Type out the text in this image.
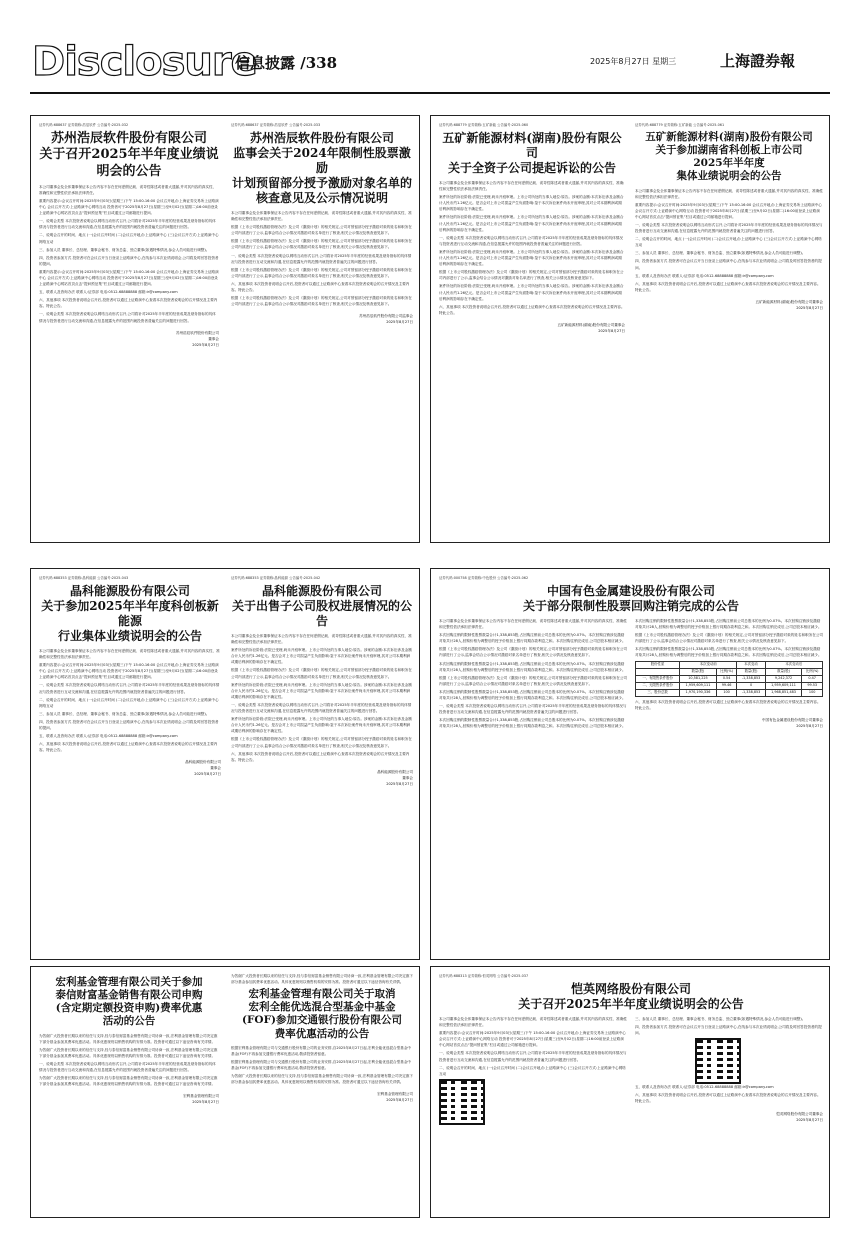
Disclosure
信息披露 /338	2025年8月27日 星期三	上海證券報
证券代码:688637 证券简称:浩辰软件 公告编号:2025-032
苏州浩辰软件股份有限公司
关于召开2025年半年度业绩说明会的公告

本公司董事会及全体董事保证本公告内容不存在任何虚假记载、误导性陈述或者重大遗漏,并对其内容的真实性、准确性和完整性依法承担法律责任。

重要内容提示:会议召开时间:2025年9月03日(星期三)下午 15:00-16:00 会议召开地点:上海证券交易所上证路演中心 会议召开方式:上证路演中心网络互动 投资者可于2025年8月27日(星期三)至9月02日(星期二)16:00前登录上证路演中心网站首页点击“提问预征集”栏目或通过公司邮箱进行提问。

一、说明会类型 本次投资者说明会以网络互动形式召开,公司将针对2025年半年度的经营成果及财务指标的具体情况与投资者进行互动交流和沟通,在信息披露允许的范围内就投资者普遍关注的问题进行回答。

二、说明会召开的时间、地点 (一)会议召开时间 (二)会议召开地点:上证路演中心 (三)会议召开方式:上证路演中心网络互动

三、参加人员 董事长、总经理、董事会秘书、财务总监、独立董事(如遇特殊情况,参会人员可能进行调整)。

四、投资者参加方式 投资者可在会议召开当日登录上证路演中心,在线参与本次业绩说明会,公司将及时回答投资者的提问。

重要内容提示:会议召开时间:2025年9月03日(星期三)下午 15:00-16:00 会议召开地点:上海证券交易所上证路演中心 会议召开方式:上证路演中心网络互动 投资者可于2025年8月27日(星期三)至9月02日(星期二)16:00前登录上证路演中心网站首页点击“提问预征集”栏目或通过公司邮箱进行提问。

五、联系人及咨询办法 联系人:证券部 电话:0512-68888888 邮箱:ir@company.com

六、其他事项 本次投资者说明会召开后,投资者可以通过上证路演中心查看本次投资者说明会的召开情况及主要内容。特此公告。

一、说明会类型 本次投资者说明会以网络互动形式召开,公司将针对2025年半年度的经营成果及财务指标的具体情况与投资者进行互动交流和沟通,在信息披露允许的范围内就投资者普遍关注的问题进行回答。

苏州浩辰软件股份有限公司
董事会
2025年8月27日
证券代码:688637 证券简称:浩辰软件 公告编号:2025-033
苏州浩辰软件股份有限公司
监事会关于2024年限制性股票激励
计划预留部分授予激励对象名单的
核查意见及公示情况说明

本公司董事会及全体董事保证本公告内容不存在任何虚假记载、误导性陈述或者重大遗漏,并对其内容的真实性、准确性和完整性依法承担法律责任。

根据《上市公司股权激励管理办法》及公司《激励计划》的相关规定,公司对预留部分授予激励对象的姓名和职务在公司内部进行了公示,监事会结合公示情况对激励对象名单进行了核查,相关公示情况及核查意见如下。

根据《上市公司股权激励管理办法》及公司《激励计划》的相关规定,公司对预留部分授予激励对象的姓名和职务在公司内部进行了公示,监事会结合公示情况对激励对象名单进行了核查,相关公示情况及核查意见如下。

一、说明会类型 本次投资者说明会以网络互动形式召开,公司将针对2025年半年度的经营成果及财务指标的具体情况与投资者进行互动交流和沟通,在信息披露允许的范围内就投资者普遍关注的问题进行回答。

根据《上市公司股权激励管理办法》及公司《激励计划》的相关规定,公司对预留部分授予激励对象的姓名和职务在公司内部进行了公示,监事会结合公示情况对激励对象名单进行了核查,相关公示情况及核查意见如下。

六、其他事项 本次投资者说明会召开后,投资者可以通过上证路演中心查看本次投资者说明会的召开情况及主要内容。特此公告。

根据《上市公司股权激励管理办法》及公司《激励计划》的相关规定,公司对预留部分授予激励对象的姓名和职务在公司内部进行了公示,监事会结合公示情况对激励对象名单进行了核查,相关公示情况及核查意见如下。

苏州浩辰软件股份有限公司监事会
2025年8月27日
证券代码:688779 证券简称:五矿新能 公告编号:2025-060
五矿新能源材料(湖南)股份有限公司
关于全资子公司提起诉讼的公告

本公司董事会及全体董事保证本公告内容不存在任何虚假记载、误导性陈述或者重大遗漏,并对其内容的真实性、准确性和完整性依法承担法律责任。

案件所处的诉讼阶段:法院已受理,尚未开庭审理。上市公司所处的当事人地位:原告。涉案的金额:本次诉讼涉及金额合计人民币约1.26亿元。是否会对上市公司损益产生负面影响:鉴于本次诉讼案件尚未开庭审理,其对公司本期利润或期后利润的影响存在不确定性。

案件所处的诉讼阶段:法院已受理,尚未开庭审理。上市公司所处的当事人地位:原告。涉案的金额:本次诉讼涉及金额合计人民币约1.26亿元。是否会对上市公司损益产生负面影响:鉴于本次诉讼案件尚未开庭审理,其对公司本期利润或期后利润的影响存在不确定性。

一、说明会类型 本次投资者说明会以网络互动形式召开,公司将针对2025年半年度的经营成果及财务指标的具体情况与投资者进行互动交流和沟通,在信息披露允许的范围内就投资者普遍关注的问题进行回答。

案件所处的诉讼阶段:法院已受理,尚未开庭审理。上市公司所处的当事人地位:原告。涉案的金额:本次诉讼涉及金额合计人民币约1.26亿元。是否会对上市公司损益产生负面影响:鉴于本次诉讼案件尚未开庭审理,其对公司本期利润或期后利润的影响存在不确定性。

根据《上市公司股权激励管理办法》及公司《激励计划》的相关规定,公司对预留部分授予激励对象的姓名和职务在公司内部进行了公示,监事会结合公示情况对激励对象名单进行了核查,相关公示情况及核查意见如下。

案件所处的诉讼阶段:法院已受理,尚未开庭审理。上市公司所处的当事人地位:原告。涉案的金额:本次诉讼涉及金额合计人民币约1.26亿元。是否会对上市公司损益产生负面影响:鉴于本次诉讼案件尚未开庭审理,其对公司本期利润或期后利润的影响存在不确定性。

六、其他事项 本次投资者说明会召开后,投资者可以通过上证路演中心查看本次投资者说明会的召开情况及主要内容。特此公告。

五矿新能源材料(湖南)股份有限公司董事会
2025年8月27日
证券代码:688779 证券简称:五矿新能 公告编号:2025-061
五矿新能源材料(湖南)股份有限公司
关于参加湖南省科创板上市公司
2025年半年度
集体业绩说明会的公告

本公司董事会及全体董事保证本公告内容不存在任何虚假记载、误导性陈述或者重大遗漏,并对其内容的真实性、准确性和完整性依法承担法律责任。

重要内容提示:会议召开时间:2025年9月03日(星期三)下午 15:00-16:00 会议召开地点:上海证券交易所上证路演中心 会议召开方式:上证路演中心网络互动 投资者可于2025年8月27日(星期三)至9月02日(星期二)16:00前登录上证路演中心网站首页点击“提问预征集”栏目或通过公司邮箱进行提问。

一、说明会类型 本次投资者说明会以网络互动形式召开,公司将针对2025年半年度的经营成果及财务指标的具体情况与投资者进行互动交流和沟通,在信息披露允许的范围内就投资者普遍关注的问题进行回答。

二、说明会召开的时间、地点 (一)会议召开时间 (二)会议召开地点:上证路演中心 (三)会议召开方式:上证路演中心网络互动

三、参加人员 董事长、总经理、董事会秘书、财务总监、独立董事(如遇特殊情况,参会人员可能进行调整)。

四、投资者参加方式 投资者可在会议召开当日登录上证路演中心,在线参与本次业绩说明会,公司将及时回答投资者的提问。

五、联系人及咨询办法 联系人:证券部 电话:0512-68888888 邮箱:ir@company.com

六、其他事项 本次投资者说明会召开后,投资者可以通过上证路演中心查看本次投资者说明会的召开情况及主要内容。特此公告。

五矿新能源材料(湖南)股份有限公司董事会
2025年8月27日
证券代码:688353 证券简称:晶科能源 公告编号:2025-043
晶科能源股份有限公司
关于参加2025年半年度科创板新能源
行业集体业绩说明会的公告

本公司董事会及全体董事保证本公告内容不存在任何虚假记载、误导性陈述或者重大遗漏,并对其内容的真实性、准确性和完整性依法承担法律责任。

重要内容提示:会议召开时间:2025年9月03日(星期三)下午 15:00-16:00 会议召开地点:上海证券交易所上证路演中心 会议召开方式:上证路演中心网络互动 投资者可于2025年8月27日(星期三)至9月02日(星期二)16:00前登录上证路演中心网站首页点击“提问预征集”栏目或通过公司邮箱进行提问。

一、说明会类型 本次投资者说明会以网络互动形式召开,公司将针对2025年半年度的经营成果及财务指标的具体情况与投资者进行互动交流和沟通,在信息披露允许的范围内就投资者普遍关注的问题进行回答。

二、说明会召开的时间、地点 (一)会议召开时间 (二)会议召开地点:上证路演中心 (三)会议召开方式:上证路演中心网络互动

三、参加人员 董事长、总经理、董事会秘书、财务总监、独立董事(如遇特殊情况,参会人员可能进行调整)。

四、投资者参加方式 投资者可在会议召开当日登录上证路演中心,在线参与本次业绩说明会,公司将及时回答投资者的提问。

五、联系人及咨询办法 联系人:证券部 电话:0512-68888888 邮箱:ir@company.com

六、其他事项 本次投资者说明会召开后,投资者可以通过上证路演中心查看本次投资者说明会的召开情况及主要内容。特此公告。

晶科能源股份有限公司
董事会
2025年8月27日
证券代码:688353 证券简称:晶科能源 公告编号:2025-042
晶科能源股份有限公司
关于出售子公司股权进展情况的公告

本公司董事会及全体董事保证本公告内容不存在任何虚假记载、误导性陈述或者重大遗漏,并对其内容的真实性、准确性和完整性依法承担法律责任。

案件所处的诉讼阶段:法院已受理,尚未开庭审理。上市公司所处的当事人地位:原告。涉案的金额:本次诉讼涉及金额合计人民币约1.26亿元。是否会对上市公司损益产生负面影响:鉴于本次诉讼案件尚未开庭审理,其对公司本期利润或期后利润的影响存在不确定性。

根据《上市公司股权激励管理办法》及公司《激励计划》的相关规定,公司对预留部分授予激励对象的姓名和职务在公司内部进行了公示,监事会结合公示情况对激励对象名单进行了核查,相关公示情况及核查意见如下。

案件所处的诉讼阶段:法院已受理,尚未开庭审理。上市公司所处的当事人地位:原告。涉案的金额:本次诉讼涉及金额合计人民币约1.26亿元。是否会对上市公司损益产生负面影响:鉴于本次诉讼案件尚未开庭审理,其对公司本期利润或期后利润的影响存在不确定性。

一、说明会类型 本次投资者说明会以网络互动形式召开,公司将针对2025年半年度的经营成果及财务指标的具体情况与投资者进行互动交流和沟通,在信息披露允许的范围内就投资者普遍关注的问题进行回答。

案件所处的诉讼阶段:法院已受理,尚未开庭审理。上市公司所处的当事人地位:原告。涉案的金额:本次诉讼涉及金额合计人民币约1.26亿元。是否会对上市公司损益产生负面影响:鉴于本次诉讼案件尚未开庭审理,其对公司本期利润或期后利润的影响存在不确定性。

根据《上市公司股权激励管理办法》及公司《激励计划》的相关规定,公司对预留部分授予激励对象的姓名和职务在公司内部进行了公示,监事会结合公示情况对激励对象名单进行了核查,相关公示情况及核查意见如下。

六、其他事项 本次投资者说明会召开后,投资者可以通过上证路演中心查看本次投资者说明会的召开情况及主要内容。特此公告。

晶科能源股份有限公司
董事会
2025年8月27日
证券代码:000758 证券简称:中色股份 公告编号:2025-062
中国有色金属建设股份有限公司
关于部分限制性股票回购注销完成的公告

本公司董事会及全体董事保证本公告内容不存在任何虚假记载、误导性陈述或者重大遗漏,并对其内容的真实性、准确性和完整性依法承担法律责任。

本次回购注销的限制性股票数量合计1,338,853股,占回购注销前公司总股本的比例为0.07%。本次回购注销涉及激励对象共计28人,回购价格为调整后的授予价格加上银行同期存款利息之和。本次回购注销完成后,公司总股本相应减少。

根据《上市公司股权激励管理办法》及公司《激励计划》的相关规定,公司对预留部分授予激励对象的姓名和职务在公司内部进行了公示,监事会结合公示情况对激励对象名单进行了核查,相关公示情况及核查意见如下。

本次回购注销的限制性股票数量合计1,338,853股,占回购注销前公司总股本的比例为0.07%。本次回购注销涉及激励对象共计28人,回购价格为调整后的授予价格加上银行同期存款利息之和。本次回购注销完成后,公司总股本相应减少。

根据《上市公司股权激励管理办法》及公司《激励计划》的相关规定,公司对预留部分授予激励对象的姓名和职务在公司内部进行了公示,监事会结合公示情况对激励对象名单进行了核查,相关公示情况及核查意见如下。

本次回购注销的限制性股票数量合计1,338,853股,占回购注销前公司总股本的比例为0.07%。本次回购注销涉及激励对象共计28人,回购价格为调整后的授予价格加上银行同期存款利息之和。本次回购注销完成后,公司总股本相应减少。

一、说明会类型 本次投资者说明会以网络互动形式召开,公司将针对2025年半年度的经营成果及财务指标的具体情况与投资者进行互动交流和沟通,在信息披露允许的范围内就投资者普遍关注的问题进行回答。

本次回购注销的限制性股票数量合计1,338,853股,占回购注销前公司总股本的比例为0.07%。本次回购注销涉及激励对象共计28人,回购价格为调整后的授予价格加上银行同期存款利息之和。本次回购注销完成后,公司总股本相应减少。

本次回购注销的限制性股票数量合计1,338,853股,占回购注销前公司总股本的比例为0.07%。本次回购注销涉及激励对象共计28人,回购价格为调整后的授予价格加上银行同期存款利息之和。本次回购注销完成后,公司总股本相应减少。

根据《上市公司股权激励管理办法》及公司《激励计划》的相关规定,公司对预留部分授予激励对象的姓名和职务在公司内部进行了公示,监事会结合公示情况对激励对象名单进行了核查,相关公示情况及核查意见如下。

本次回购注销的限制性股票数量合计1,338,853股,占回购注销前公司总股本的比例为0.07%。本次回购注销涉及激励对象共计28人,回购价格为调整后的授予价格加上银行同期存款利息之和。本次回购注销完成后,公司总股本相应减少。

股份性质	本次变动前		本次变动	本次变动后	
	数量(股)	比例(%)	数量(股)	数量(股)	比例(%)
一、有限售条件股份	10,581,225	0.54	-1,338,853	9,242,372	0.47
二、无限售条件股份	1,959,609,111	99.46	0	1,959,609,111	99.53
三、股份总数	1,970,190,336	100	-1,338,853	1,968,851,483	100

六、其他事项 本次投资者说明会召开后,投资者可以通过上证路演中心查看本次投资者说明会的召开情况及主要内容。特此公告。

中国有色金属建设股份有限公司董事会
2025年8月27日
宏利基金管理有限公司关于参加
泰信财富基金销售有限公司申购
(含定期定额投资申购)费率优惠
活动的公告

为答谢广大投资者长期以来的信任与支持,经与泰信财富基金销售有限公司协商一致,宏利基金管理有限公司决定旗下部分基金参加其费率优惠活动。具体优惠规则以销售机构的安排为准。投资者可通过以下途径咨询有关详情。

为答谢广大投资者长期以来的信任与支持,经与泰信财富基金销售有限公司协商一致,宏利基金管理有限公司决定旗下部分基金参加其费率优惠活动。具体优惠规则以销售机构的安排为准。投资者可通过以下途径咨询有关详情。

一、说明会类型 本次投资者说明会以网络互动形式召开,公司将针对2025年半年度的经营成果及财务指标的具体情况与投资者进行互动交流和沟通,在信息披露允许的范围内就投资者普遍关注的问题进行回答。

为答谢广大投资者长期以来的信任与支持,经与泰信财富基金销售有限公司协商一致,宏利基金管理有限公司决定旗下部分基金参加其费率优惠活动。具体优惠规则以销售机构的安排为准。投资者可通过以下途径咨询有关详情。

宏利基金管理有限公司
2025年8月27日

为答谢广大投资者长期以来的信任与支持,经与泰信财富基金销售有限公司协商一致,宏利基金管理有限公司决定旗下部分基金参加其费率优惠活动。具体优惠规则以销售机构的安排为准。投资者可通过以下途径咨询有关详情。

宏利基金管理有限公司关于取消
宏利全能优选混合型基金中基金
(FOF)参加交通银行股份有限公司
费率优惠活动的公告

根据宏利基金管理有限公司与交通银行股份有限公司的业务安排,自2025年8月27日起,宏利全能优选混合型基金中基金(FOF)不再参加交通银行费率优惠活动,敬请投资者留意。

根据宏利基金管理有限公司与交通银行股份有限公司的业务安排,自2025年8月27日起,宏利全能优选混合型基金中基金(FOF)不再参加交通银行费率优惠活动,敬请投资者留意。

为答谢广大投资者长期以来的信任与支持,经与泰信财富基金销售有限公司协商一致,宏利基金管理有限公司决定旗下部分基金参加其费率优惠活动。具体优惠规则以销售机构的安排为准。投资者可通过以下途径咨询有关详情。

宏利基金管理有限公司
2025年8月27日
证券代码:688313 证券简称:恒英网络 公告编号:2025-037
恺英网络股份有限公司
关于召开2025年半年度业绩说明会的公告

本公司董事会及全体董事保证本公告内容不存在任何虚假记载、误导性陈述或者重大遗漏,并对其内容的真实性、准确性和完整性依法承担法律责任。

重要内容提示:会议召开时间:2025年9月03日(星期三)下午 15:00-16:00 会议召开地点:上海证券交易所上证路演中心 会议召开方式:上证路演中心网络互动 投资者可于2025年8月27日(星期三)至9月02日(星期二)16:00前登录上证路演中心网站首页点击“提问预征集”栏目或通过公司邮箱进行提问。

一、说明会类型 本次投资者说明会以网络互动形式召开,公司将针对2025年半年度的经营成果及财务指标的具体情况与投资者进行互动交流和沟通,在信息披露允许的范围内就投资者普遍关注的问题进行回答。

二、说明会召开的时间、地点 (一)会议召开时间 (二)会议召开地点:上证路演中心 (三)会议召开方式:上证路演中心网络互动

三、参加人员 董事长、总经理、董事会秘书、财务总监、独立董事(如遇特殊情况,参会人员可能进行调整)。

四、投资者参加方式 投资者可在会议召开当日登录上证路演中心,在线参与本次业绩说明会,公司将及时回答投资者的提问。

五、联系人及咨询办法 联系人:证券部 电话:0512-68888888 邮箱:ir@company.com

六、其他事项 本次投资者说明会召开后,投资者可以通过上证路演中心查看本次投资者说明会的召开情况及主要内容。特此公告。

恺英网络股份有限公司董事会
2025年8月27日
